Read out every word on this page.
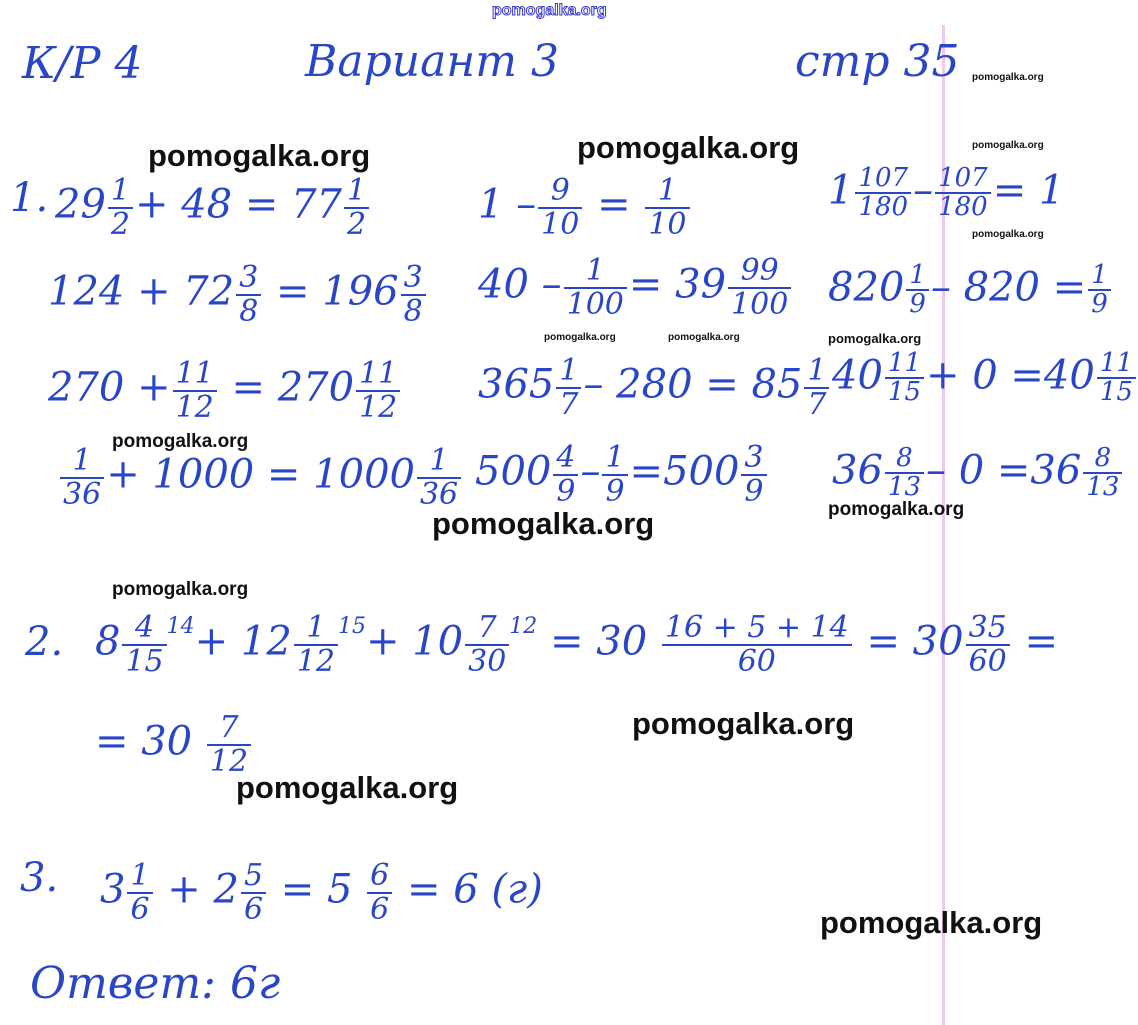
pomogalka.org
К/Р 4	Вариант 3	стр 35
1. $29 \frac{1}{2} + 48 = 77 \frac{1}{2}$
$124 + 72 \frac{3}{8} = 196 \frac{3}{8}$
$270 + \frac{11}{12} = 270 \frac{11}{12}$
$\frac{1}{36} + 1000 = 1000 \frac{1}{36}$
$1 - \frac{9}{10} = \frac{1}{10}$
$40 - \frac{1}{100} = 39 \frac{99}{100}$
$365 \frac{1}{7} - 280 = 85 \frac{1}{7}$
$500 \frac{4}{9} - \frac{1}{9} =500 \frac{3}{9}$
$1 \frac{107}{180} - \frac{107}{180} = 1$
$820 \frac{1}{9} - 820 = \frac{1}{9}$
$40 \frac{11}{15} + 0 =40 \frac{11}{15}$
$36 \frac{8}{13} - 0 =36 \frac{8}{13}$
2. $8 \frac{4}{15} ^{14}+ 12 \frac{1}{12} ^{15}+ 10 \frac{7}{30} ^{12} = 30 \frac{16 + 5 + 14}{60} = 30 \frac{35}{60}$ =
= $30 \frac{7}{12}$
3. $3 \frac{1}{6} + 2 \frac{5}{6} = 5 \frac{6}{6} = 6$ (г)
Ответ: 6г
pomogalka.org	pomogalka.org
pomogalka.org
pomogalka.org
pomogalka.org
pomogalka.org
pomogalka.org
pomogalka.org
pomogalka.org
pomogalka.org
pomogalka.org
pomogalka.org
pomogalka.org
pomogalka.org	pomogalka.org
